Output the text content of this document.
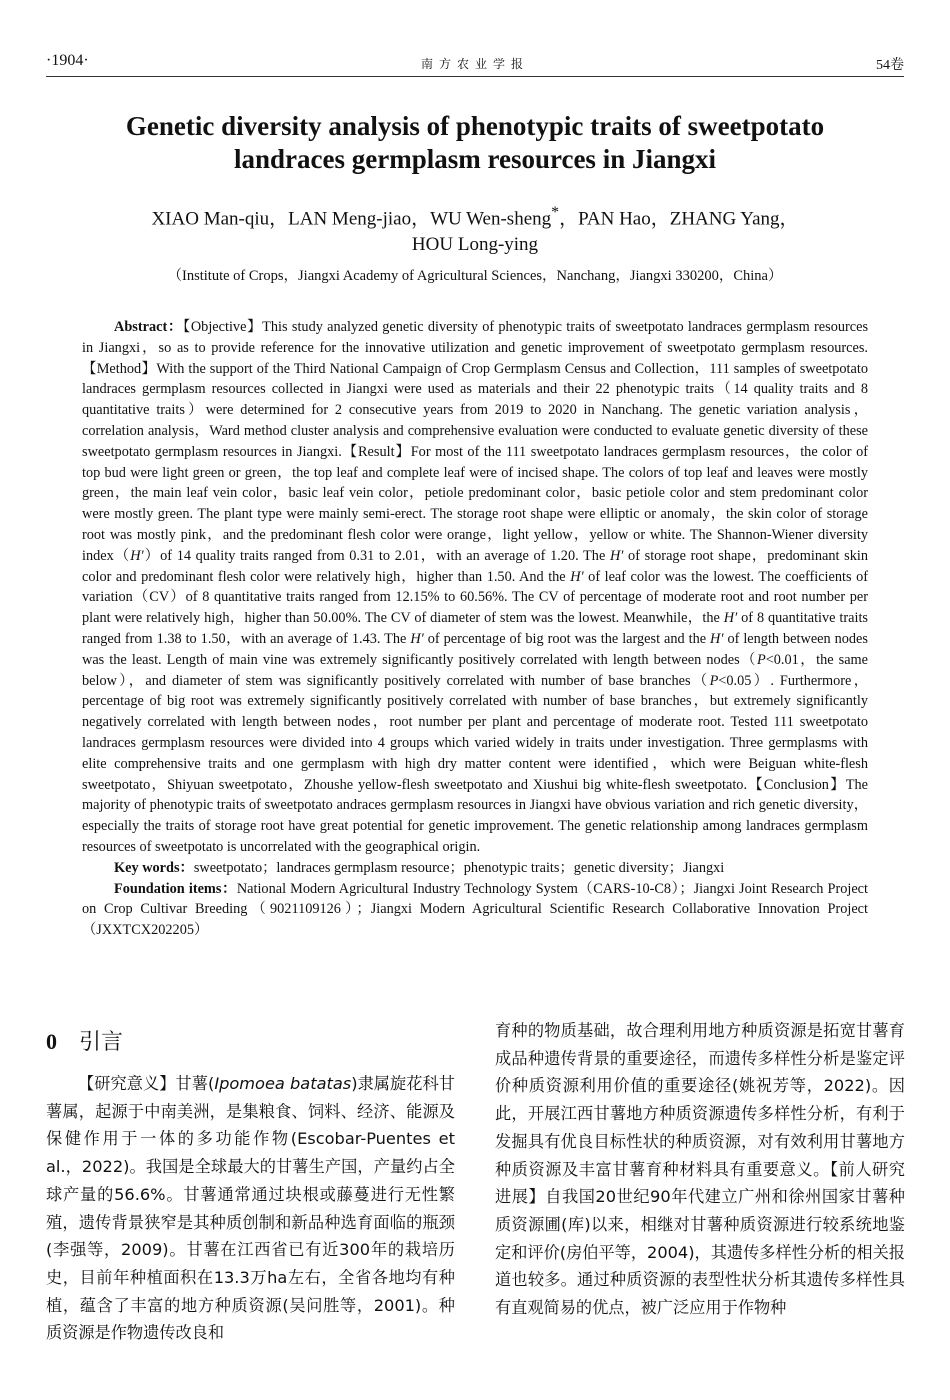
·1904·	南方农业学报	54卷
Genetic diversity analysis of phenotypic traits of sweetpotato landraces germplasm resources in Jiangxi
XIAO Man-qiu，LAN Meng-jiao，WU Wen-sheng*，PAN Hao，ZHANG Yang，
HOU Long-ying
（Institute of Crops，Jiangxi Academy of Agricultural Sciences，Nanchang，Jiangxi 330200，China）

Abstract：【Objective】This study analyzed genetic diversity of phenotypic traits of sweetpotato landraces germplasm resources in Jiangxi，so as to provide reference for the innovative utilization and genetic improvement of sweetpotato germplasm resources.【Method】With the support of the Third National Campaign of Crop Germplasm Census and Collection，111 samples of sweetpotato landraces germplasm resources collected in Jiangxi were used as materials and their 22 phenotypic traits（14 quality traits and 8 quantitative traits）were determined for 2 consecutive years from 2019 to 2020 in Nanchang. The genetic variation analysis，correlation analysis，Ward method cluster analysis and comprehensive evaluation were conducted to evaluate genetic diversity of these sweetpotato germplasm resources in Jiangxi.【Result】For most of the 111 sweetpotato landraces germplasm resources，the color of top bud were light green or green，the top leaf and complete leaf were of incised shape. The colors of top leaf and leaves were mostly green，the main leaf vein color，basic leaf vein color，petiole predominant color，basic petiole color and stem predominant color were mostly green. The plant type were mainly semi-erect. The storage root shape were elliptic or anomaly，the skin color of storage root was mostly pink，and the predominant flesh color were orange，light yellow，yellow or white. The Shannon-Wiener diversity index（H′）of 14 quality traits ranged from 0.31 to 2.01，with an average of 1.20. The H′ of storage root shape，predominant skin color and predominant flesh color were relatively high，higher than 1.50. And the H′ of leaf color was the lowest. The coefficients of variation（CV）of 8 quantitative traits ranged from 12.15% to 60.56%. The CV of percentage of moderate root and root number per plant were relatively high，higher than 50.00%. The CV of diameter of stem was the lowest. Meanwhile，the H′ of 8 quantitative traits ranged from 1.38 to 1.50，with an average of 1.43. The H′ of percentage of big root was the largest and the H′ of length between nodes was the least. Length of main vine was extremely significantly positively correlated with length between nodes（P<0.01，the same below），and diameter of stem was significantly positively correlated with number of base branches（P<0.05）. Furthermore，percentage of big root was extremely significantly positively correlated with number of base branches，but extremely significantly negatively correlated with length between nodes，root number per plant and percentage of moderate root. Tested 111 sweetpotato landraces germplasm resources were divided into 4 groups which varied widely in traits under investigation. Three germplasms with elite comprehensive traits and one germplasm with high dry matter content were identified，which were Beiguan white-flesh sweetpotato，Shiyuan sweetpotato，Zhoushe yellow-flesh sweetpotato and Xiushui big white-flesh sweetpotato.【Conclusion】The majority of phenotypic traits of sweetpotato andraces germplasm resources in Jiangxi have obvious variation and rich genetic diversity，especially the traits of storage root have great potential for genetic improvement. The genetic relationship among landraces germplasm resources of sweetpotato is uncorrelated with the geographical origin.

Key words：sweetpotato；landraces germplasm resource；phenotypic traits；genetic diversity；Jiangxi

Foundation items：National Modern Agricultural Industry Technology System（CARS-10-C8）；Jiangxi Joint Research Project on Crop Cultivar Breeding（9021109126）；Jiangxi Modern Agricultural Scientific Research Collaborative Innovation Project（JXXTCX202205）

0 引言
【研究意义】甘薯(Ipomoea batatas)隶属旋花科甘薯属，起源于中南美洲，是集粮食、饲料、经济、能源及保健作用于一体的多功能作物(Escobar-Puentes et al.，2022)。我国是全球最大的甘薯生产国，产量约占全球产量的56.6%。甘薯通常通过块根或藤蔓进行无性繁殖，遗传背景狭窄是其种质创制和新品种选育面临的瓶颈(李强等，2009)。甘薯在江西省已有近300年的栽培历史，目前年种植面积在13.3万ha左右，全省各地均有种植，蕴含了丰富的地方种质资源(吴问胜等，2001)。种质资源是作物遗传改良和
育种的物质基础，故合理利用地方种质资源是拓宽甘薯育成品种遗传背景的重要途径，而遗传多样性分析是鉴定评价种质资源利用价值的重要途径(姚祝芳等，2022)。因此，开展江西甘薯地方种质资源遗传多样性分析，有利于发掘具有优良目标性状的种质资源，对有效利用甘薯地方种质资源及丰富甘薯育种材料具有重要意义。【前人研究进展】自我国20世纪90年代建立广州和徐州国家甘薯种质资源圃(库)以来，相继对甘薯种质资源进行较系统地鉴定和评价(房伯平等，2004)，其遗传多样性分析的相关报道也较多。通过种质资源的表型性状分析其遗传多样性具有直观简易的优点，被广泛应用于作物种
